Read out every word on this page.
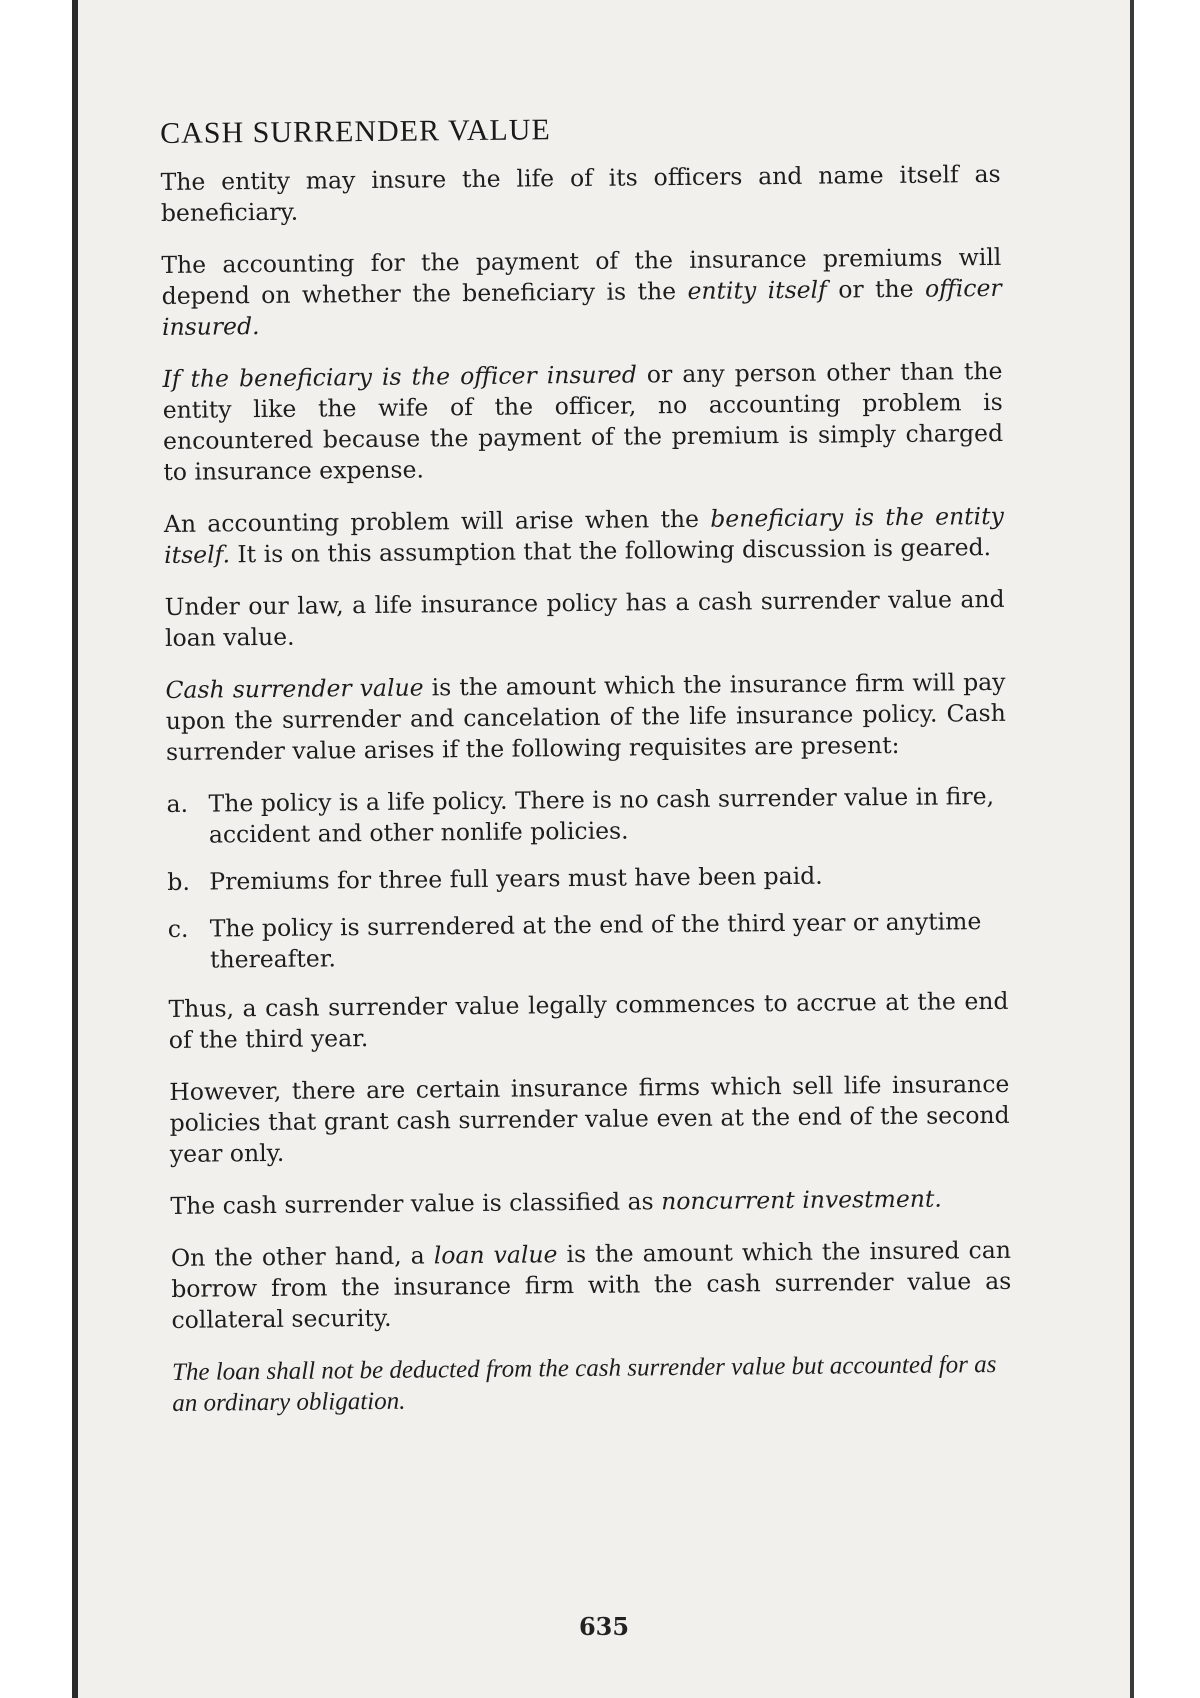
CASH SURRENDER VALUE

The entity may insure the life of its officers and name itself as beneficiary.

The accounting for the payment of the insurance premiums will depend on whether the beneficiary is the entity itself or the officer insured.

If the beneficiary is the officer insured or any person other than the entity like the wife of the officer, no accounting problem is encountered because the payment of the premium is simply charged to insurance expense.

An accounting problem will arise when the beneficiary is the entity itself. It is on this assumption that the following discussion is geared.

Under our law, a life insurance policy has a cash surrender value and loan value.

Cash surrender value is the amount which the insurance firm will pay upon the surrender and cancelation of the life insurance policy. Cash surrender value arises if the following requisites are present:

a. The policy is a life policy. There is no cash surrender value in fire, accident and other nonlife policies.
b. Premiums for three full years must have been paid.
c. The policy is surrendered at the end of the third year or anytime thereafter.

Thus, a cash surrender value legally commences to accrue at the end of the third year.

However, there are certain insurance firms which sell life insurance policies that grant cash surrender value even at the end of the second year only.

The cash surrender value is classified as noncurrent investment.

On the other hand, a loan value is the amount which the insured can borrow from the insurance firm with the cash surrender value as collateral security.

The loan shall not be deducted from the cash surrender value but accounted for as an ordinary obligation.

635
